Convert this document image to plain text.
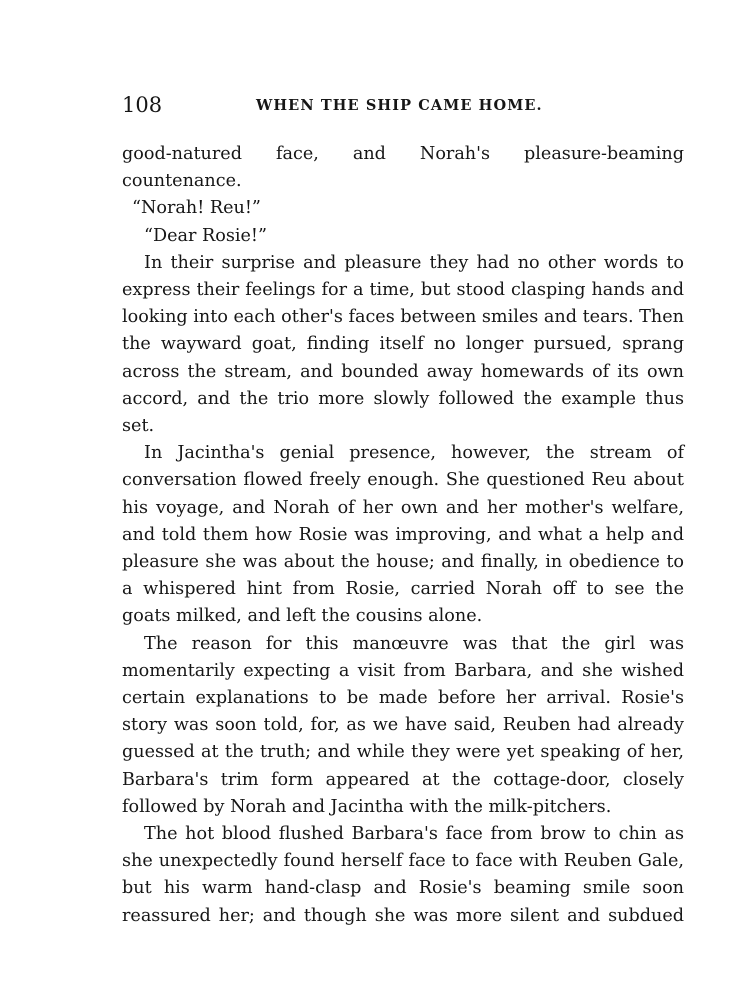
108	WHEN THE SHIP CAME HOME.

good-natured face, and Norah's pleasure-beaming countenance.

“Norah! Reu!”

“Dear Rosie!”

In their surprise and pleasure they had no other words to express their feelings for a time, but stood clasping hands and looking into each other's faces between smiles and tears. Then the wayward goat, finding itself no longer pursued, sprang across the stream, and bounded away homewards of its own accord, and the trio more slowly followed the example thus set.

In Jacintha's genial presence, however, the stream of conversation flowed freely enough. She questioned Reu about his voyage, and Norah of her own and her mother's welfare, and told them how Rosie was improving, and what a help and pleasure she was about the house; and finally, in obedience to a whispered hint from Rosie, carried Norah off to see the goats milked, and left the cousins alone.

The reason for this manœuvre was that the girl was momentarily expecting a visit from Barbara, and she wished certain explanations to be made before her arrival. Rosie's story was soon told, for, as we have said, Reuben had already guessed at the truth; and while they were yet speaking of her, Barbara's trim form appeared at the cottage-door, closely followed by Norah and Jacintha with the milk-pitchers.

The hot blood flushed Barbara's face from brow to chin as she unexpectedly found herself face to face with Reuben Gale, but his warm hand-clasp and Rosie's beaming smile soon reassured her; and though she was more silent and subdued
